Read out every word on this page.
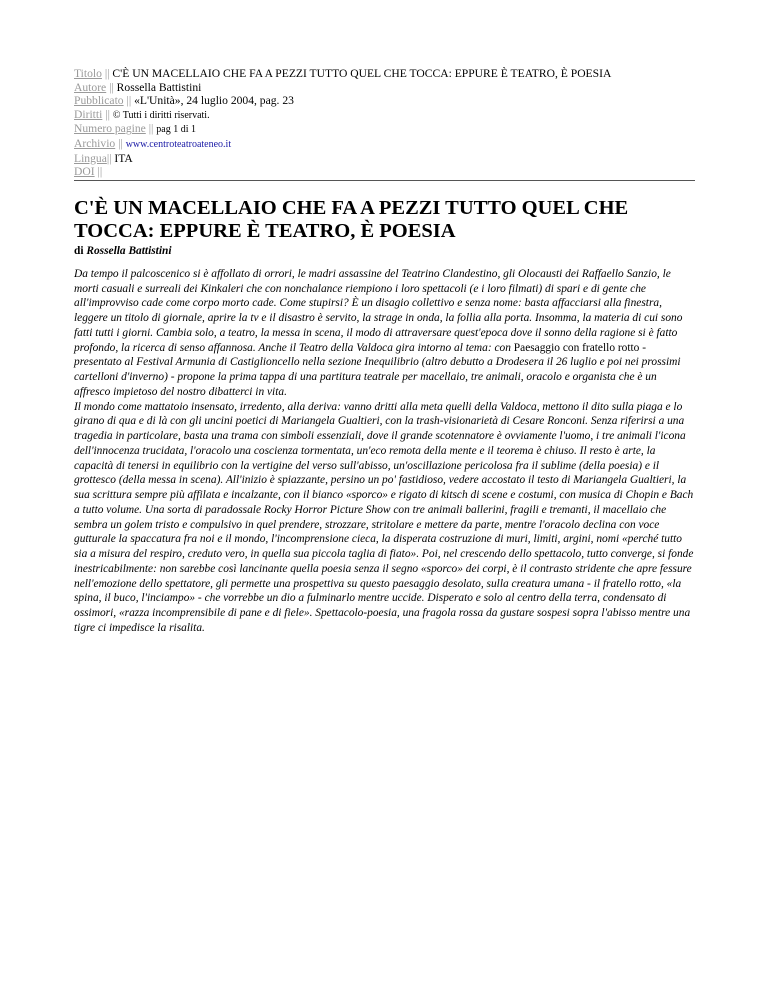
Titolo || C'È UN MACELLAIO CHE FA A PEZZI TUTTO QUEL CHE TOCCA: EPPURE È TEATRO, È POESIA
Autore || Rossella Battistini
Pubblicato || «L'Unità», 24 luglio 2004, pag. 23
Diritti || © Tutti i diritti riservati.
Numero pagine || pag 1 di 1
Archivio || www.centroteatroateneo.it
Lingua|| ITA
DOI ||
C'È UN MACELLAIO CHE FA A PEZZI TUTTO QUEL CHE TOCCA: EPPURE È TEATRO, È POESIA
di Rossella Battistini
Da tempo il palcoscenico si è affollato di orrori, le madri assassine del Teatrino Clandestino, gli Olocausti dei Raffaello Sanzio, le morti casuali e surreali dei Kinkaleri che con nonchalance riempiono i loro spettacoli (e i loro filmati) di spari e di gente che all'improvviso cade come corpo morto cade. Come stupirsi? È un disagio collettivo e senza nome: basta affacciarsi alla finestra, leggere un titolo di giornale, aprire la tv e il disastro è servito, la strage in onda, la follia alla porta. Insomma, la materia di cui sono fatti tutti i giorni. Cambia solo, a teatro, la messa in scena, il modo di attraversare quest'epoca dove il sonno della ragione si è fatto profondo, la ricerca di senso affannosa. Anche il Teatro della Valdoca gira intorno al tema: con Paesaggio con fratello rotto - presentato al Festival Armunia di Castiglioncello nella sezione Inequilibrio (altro debutto a Drodesera il 26 luglio e poi nei prossimi cartelloni d'inverno) - propone la prima tappa di una partitura teatrale per macellaio, tre animali, oracolo e organista che è un affresco impietoso del nostro dibatterci in vita.
Il mondo come mattatoio insensato, irredento, alla deriva: vanno dritti alla meta quelli della Valdoca, mettono il dito sulla piaga e lo girano di qua e di là con gli uncini poetici di Mariangela Gualtieri, con la trash-visionarietà di Cesare Ronconi. Senza riferirsi a una tragedia in particolare, basta una trama con simboli essenziali, dove il grande scotennatore è ovviamente l'uomo, i tre animali l'icona dell'innocenza trucidata, l'oracolo una coscienza tormentata, un'eco remota della mente e il teorema è chiuso. Il resto è arte, la capacità di tenersi in equilibrio con la vertigine del verso sull'abisso, un'oscillazione pericolosa fra il sublime (della poesia) e il grottesco (della messa in scena). All'inizio è spiazzante, persino un po' fastidioso, vedere accostato il testo di Mariangela Gualtieri, la sua scrittura sempre più affilata e incalzante, con il bianco «sporco» e rigato di kitsch di scene e costumi, con musica di Chopin e Bach a tutto volume. Una sorta di paradossale Rocky Horror Picture Show con tre animali ballerini, fragili e tremanti, il macellaio che sembra un golem tristo e compulsivo in quel prendere, strozzare, stritolare e mettere da parte, mentre l'oracolo declina con voce gutturale la spaccatura fra noi e il mondo, l'incomprensione cieca, la disperata costruzione di muri, limiti, argini, nomi «perché tutto sia a misura del respiro, creduto vero, in quella sua piccola taglia di fiato». Poi, nel crescendo dello spettacolo, tutto converge, si fonde inestricabilmente: non sarebbe così lancinante quella poesia senza il segno «sporco» dei corpi, è il contrasto stridente che apre fessure nell'emozione dello spettatore, gli permette una prospettiva su questo paesaggio desolato, sulla creatura umana - il fratello rotto, «la spina, il buco, l'inciampo» - che vorrebbe un dio a fulminarlo mentre uccide. Disperato e solo al centro della terra, condensato di ossimori, «razza incomprensibile di pane e di fiele». Spettacolo-poesia, una fragola rossa da gustare sospesi sopra l'abisso mentre una tigre ci impedisce la risalita.
